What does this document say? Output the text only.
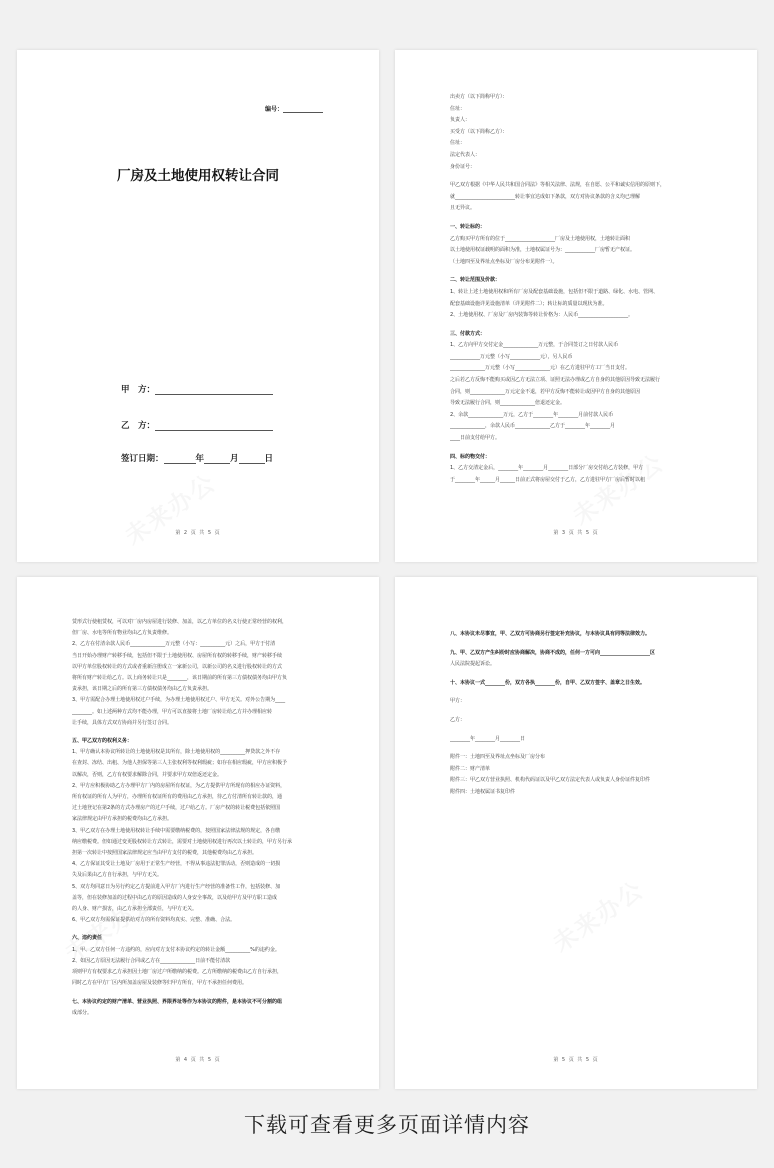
编号：
厂房及土地使用权转让合同
甲　方：
乙　方：
签订日期：	年	月	日
第 2 页 共 5 页
出卖方（以下简称甲方）：
住址：
负责人：
买受方（以下简称乙方）：
住址：
法定代表人：
身份证号：
甲乙双方根据《中华人民共和国合同法》等相关法律、法规，在自愿、公平和诚实信用的原则下，
就________________________转让事宜达成如下条款，双方对协议条款的含义均已理解
且无异议。
一、转让标的：
乙方购买甲方所有的位于____________________厂房及土地使用权，土地转让面积
以土地使用权证载明的面积为准，土地权属证号为：____________厂房暂无产权证。
（土地四至及界址点坐标及厂房分布见附件一）。
二、转让范围及价款：
1、转让上述土地使用权和所有厂房及配套基础设施，包括但不限于道路、绿化、水电、管网、
配套基础设施详见设施清单（详见附件二）；转让标的质量以现状为准。
2、土地使用权、厂房及厂房内装饰等转让价格为：人民币____________________。
三、付款方式：
1、乙方向甲方交付定金______________万元整，于合同签订之日付款人民币
____________万元整（小写____________元），另人民币
______________万元整（小写______________元）在乙方进驻甲方工厂当日支付。
之后若乙方反悔不能购买或因乙方无法立项、证照无法办理或乙方自身的其他原因导致无法履行
合同，则______________万元定金不退，若甲方反悔不能转让或因甲方自身的其他原因
导致无法履行合同，则______________倍退还定金。
2、余款______________万元，乙方于________年________月前付款人民币
______________，余款人民币______________乙方于________年________月
____日前支付给甲方。
四、标的物交付：
1、乙方交清定金后，________年________月________日部分厂房交付给乙方装修，甲方
于________年______月______日前正式将房屋交付于乙方，乙方进驻甲方厂房后暂时以租
第 3 页 共 5 页
赁形式行使租赁权，可以对厂房内房屋进行装修、加盖，以乙方单位的名义行使正常经营的权利，
但厂房、水电等所有物业均由乙方负责维修。
2、乙方在付清余款人民币______________万元整（小写：__________元）之后，甲方于付清
当日开始办理财产转移手续，包括但不限于土地使用权、房屋所有权的转移手续，财产转移手续
以甲方单位股权转让的方式或者重新注册成立一家新公司，以新公司的名义进行股权转让的方式
将所有财产转让给乙方。以上商务转让只是________，该日期前的所有第三方债权债务均由甲方负
责承担，该日期之后的所有第三方债权债务均由乙方负责承担。
3、甲方需配合办理土地使用权过户手续，为办理土地使用权过户、甲方无关。对外公告期为____
________。如上述两种方式均不能办理，甲方可以直接将土地厂房转让给乙方并办理相应转
让手续，具体方式双方协商并另行签订合同。
五、甲乙双方的权利义务：
1、甲方确认本协议所转让的土地使用权是其所有，除土地使用权的__________押贷款之外不存
在查封、冻结、出租、为他人担保等第三人主张权利等权利瑕疵；如存在相应瑕疵，甲方应积极予
以解决，否则，乙方有权要求解除合同，并要求甲方双倍返还定金。
2、甲方应积极协助乙方办理甲方厂内的房屋所有权证，为乙方提供甲方所现有的相应办证资料，
所有权证的所有人为甲方，办理所有权证所有的费用由乙方承担，待乙方付清所有转让款的，通
过土地登记在第2条的方式办理房产的过户手续，过户给乙方。厂房产权的转让税费包括依照国
家法律规定由甲方承担的税费均由乙方承担。
3、甲乙双方在办理土地使用权转让手续中需要缴纳税费的，按照国家法律法规的规定，各自缴
纳应缴税费。但如通过变更股权转让方式转让，需要对土地使用权进行再次以土转让的，甲方另行承
担第一次转让中按照国家法律规定应当由甲方支付的税费，其他税费均由乙方承担。
4、乙方保证其受让土地及厂房用于正常生产经营，不得从事违法犯罪活动，否则造成的一切损
失及后果由乙方自行承担，与甲方无关。
5、双方均同意日为另行约定乙方提前进入甲方厂内进行生产经营的准备性工作，包括装修、加
盖等，但在装修加盖的过程中由乙方的原因造成的人身安全事故，以及给甲方及甲方职工造成
的人身、财产损害，由乙方承担全部责任，与甲方无关。
6、甲乙双方均需保证提供给对方的所有资料均真实、完整、准确、合法。
六、违约责任
1、甲、乙双方任何一方违约的，应向对方支付本协议约定的转让金额__________%的违约金。
2、如因乙方原因无法履行合同或乙方在______________日前不能付清款
项则甲方有权要求乙方承担因土地厂房过户所缴纳的税费。乙方所缴纳的税费由乙方自行承担，
同时乙方在甲方厂区内所加盖房屋及装修等归甲方所有，甲方不承担任何费用。
七、本协议约定的财产清单、营业执照、界限界址等作为本协议的附件，是本协议不可分割的组
成部分。
第 4 页 共 5 页
八、本协议未尽事宜，甲、乙双方可协商另行签定补充协议，与本协议具有同等法律效力。
九、甲、乙双方产生纠纷时应协商解决，协商不成的，任何一方可向____________________区
人民法院提起诉讼。
十、本协议一式________份，双方各执________份，自甲、乙双方签字、盖章之日生效。
甲方：
乙方：
________年________月________日
附件一：土地四至及界址点坐标及厂房分布
附件二：财产清单
附件三：甲乙双方营业执照、机构代码证以及甲乙双方法定代表人或负责人身份证件复印件
附件四：土地权属证书复印件
第 5 页 共 5 页
下载可查看更多页面详情内容
